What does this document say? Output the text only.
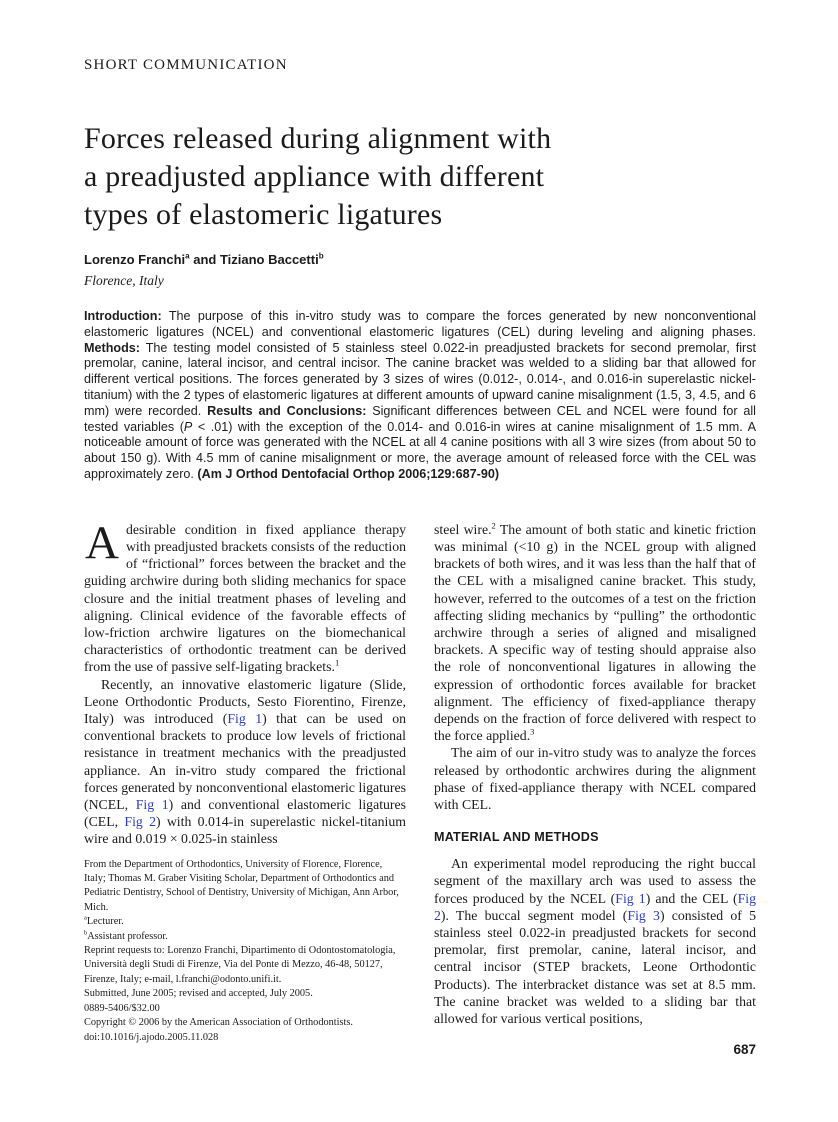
SHORT COMMUNICATION
Forces released during alignment with
a preadjusted appliance with different
types of elastomeric ligatures
Lorenzo Franchi$^a$ and Tiziano Baccetti$^b$
Florence, Italy
Introduction: The purpose of this in-vitro study was to compare the forces generated by new nonconventional elastomeric ligatures (NCEL) and conventional elastomeric ligatures (CEL) during leveling and aligning phases. Methods: The testing model consisted of 5 stainless steel 0.022-in preadjusted brackets for second premolar, first premolar, canine, lateral incisor, and central incisor. The canine bracket was welded to a sliding bar that allowed for different vertical positions. The forces generated by 3 sizes of wires (0.012-, 0.014-, and 0.016-in superelastic nickel-titanium) with the 2 types of elastomeric ligatures at different amounts of upward canine misalignment (1.5, 3, 4.5, and 6 mm) were recorded. Results and Conclusions: Significant differences between CEL and NCEL were found for all tested variables (P < .01) with the exception of the 0.014- and 0.016-in wires at canine misalignment of 1.5 mm. A noticeable amount of force was generated with the NCEL at all 4 canine positions with all 3 wire sizes (from about 50 to about 150 g). With 4.5 mm of canine misalignment or more, the average amount of released force with the CEL was approximately zero. (Am J Orthod Dentofacial Orthop 2006;129:687-90)

Adesirable condition in fixed appliance therapy with preadjusted brackets consists of the reduction of “frictional” forces between the bracket and the guiding archwire during both sliding mechanics for space closure and the initial treatment phases of leveling and aligning. Clinical evidence of the favorable effects of low-friction archwire ligatures on the biomechanical characteristics of orthodontic treatment can be derived from the use of passive self-ligating brackets.$^1$

Recently, an innovative elastomeric ligature (Slide, Leone Orthodontic Products, Sesto Fiorentino, Firenze, Italy) was introduced (Fig 1) that can be used on conventional brackets to produce low levels of frictional resistance in treatment mechanics with the preadjusted appliance. An in-vitro study compared the frictional forces generated by nonconventional elastomeric ligatures (NCEL, Fig 1) and conventional elastomeric ligatures (CEL, Fig 2) with 0.014-in superelastic nickel-titanium wire and 0.019 × 0.025-in stainless

From the Department of Orthodontics, University of Florence, Florence, Italy; Thomas M. Graber Visiting Scholar, Department of Orthodontics and Pediatric Dentistry, School of Dentistry, University of Michigan, Ann Arbor, Mich.

$^a$Lecturer.

$^b$Assistant professor.

Reprint requests to: Lorenzo Franchi, Dipartimento di Odontostomatologia, Università degli Studi di Firenze, Via del Ponte di Mezzo, 46-48, 50127, Firenze, Italy; e-mail, l.franchi@odonto.unifi.it.

Submitted, June 2005; revised and accepted, July 2005.

0889-5406/$32.00

Copyright © 2006 by the American Association of Orthodontists.

doi:10.1016/j.ajodo.2005.11.028

steel wire.$^2$ The amount of both static and kinetic friction was minimal (<10 g) in the NCEL group with aligned brackets of both wires, and it was less than the half that of the CEL with a misaligned canine bracket. This study, however, referred to the outcomes of a test on the friction affecting sliding mechanics by “pulling” the orthodontic archwire through a series of aligned and misaligned brackets. A specific way of testing should appraise also the role of nonconventional ligatures in allowing the expression of orthodontic forces available for bracket alignment. The efficiency of fixed-appliance therapy depends on the fraction of force delivered with respect to the force applied.$^3$

The aim of our in-vitro study was to analyze the forces released by orthodontic archwires during the alignment phase of fixed-appliance therapy with NCEL compared with CEL.

MATERIAL AND METHODS

An experimental model reproducing the right buccal segment of the maxillary arch was used to assess the forces produced by the NCEL (Fig 1) and the CEL (Fig 2). The buccal segment model (Fig 3) consisted of 5 stainless steel 0.022-in preadjusted brackets for second premolar, first premolar, canine, lateral incisor, and central incisor (STEP brackets, Leone Orthodontic Products). The interbracket distance was set at 8.5 mm. The canine bracket was welded to a sliding bar that allowed for various vertical positions,

687
